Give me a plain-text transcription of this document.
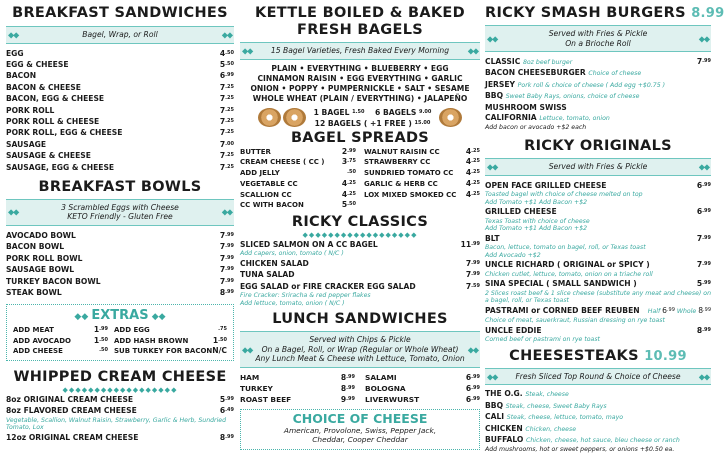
BREAKFAST SANDWICHES
◆◆	Bagel, Wrap, or Roll	◆◆
EGG	$4^{.50}$
EGG & CHEESE	$5^{.50}$
BACON	$6^{.99}$
BACON & CHEESE	$7^{.25}$
BACON, EGG & CHEESE	$7^{.25}$
PORK ROLL	$7^{.25}$
PORK ROLL & CHEESE	$7^{.25}$
PORK ROLL, EGG & CHEESE	$7^{.25}$
SAUSAGE	$7^{.00}$
SAUSAGE & CHEESE	$7^{.25}$
SAUSAGE, EGG & CHEESE	$7^{.25}$
BREAKFAST BOWLS
◆◆
3 Scrambled Eggs with Cheese
KETO Friendly - Gluten Free
◆◆
AVOCADO BOWL	$7^{.99}$
BACON BOWL	$7^{.99}$
PORK ROLL BOWL	$7^{.99}$
SAUSAGE BOWL	$7^{.99}$
TURKEY BACON BOWL	$7^{.99}$
STEAK BOWL	$8^{.99}$
◆◆ EXTRAS ◆◆
ADD MEAT	$1^{.99}$
ADD AVOCADO	$1^{.50}$
ADD CHEESE	$^{.50}$
ADD EGG	$^{.75}$
ADD HASH BROWN	$1^{.50}$
SUB TURKEY FOR BACON N/C
WHIPPED CREAM CHEESE
◆◆◆◆◆◆◆◆◆◆◆◆◆◆◆◆◆◆
8oz ORIGINAL CREAM CHEESE	$5^{.99}$
8oz FLAVORED CREAM CHEESE	$6^{.49}$
Vegetable, Scallion, Walnut Raisin, Strawberry, Garlic & Herb, Sundried Tomato, Lox
12oz ORIGINAL CREAM CHEESE	$8^{.99}$
KETTLE BOILED & BAKED
FRESH BAGELS
◆◆ 15 Bagel Varieties, Fresh Baked Every Morning ◆◆
PLAIN • EVERYTHING • BLUEBERRY • EGG
CINNAMON RAISIN • EGG EVERYTHING • GARLIC
ONION • POPPY • PUMPERNICKLE • SALT • SESAME
WHOLE WHEAT (PLAIN / EVERYTHING) • JALAPEÑO
1 BAGEL $^{1.50}$ 6 BAGELS $^{9.00}$
12 BAGELS ( +1 FREE ) $^{15.00}$
BAGEL SPREADS
BUTTER	$2^{.99}$
CREAM CHEESE ( CC ) $3^{.75}$
ADD JELLY	$^{.50}$
VEGETABLE CC	$4^{.25}$
SCALLION CC	$4^{.25}$
CC WITH BACON	$5^{.50}$
WALNUT RAISIN CC	$4^{.25}$
STRAWBERRY CC	$4^{.25}$
SUNDRIED TOMATO CC $4^{.25}$
GARLIC & HERB CC	$4^{.25}$
LOX MIXED SMOKED CC $4^{.25}$
RICKY CLASSICS
◆◆◆◆◆◆◆◆◆◆◆◆◆◆◆◆◆◆
SLICED SALMON ON A CC BAGEL	$11^{.99}$
Add capers, onion, tomato ( N/C )
CHICKEN SALAD	$7^{.99}$
TUNA SALAD	$7^{.99}$
EGG SALAD or FIRE CRACKER EGG SALAD	$7^{.59}$
Fire Cracker: Sriracha & red pepper flakes
Add lettuce, tomato, onion ( N/C )
LUNCH SANDWICHES
◆◆
Served with Chips & Pickle
On a Bagel, Roll, or Wrap (Regular or Whole Wheat)
Any Lunch Meat & Cheese with Lettuce, Tomato, Onion
◆◆
HAM	$8^{.99}$
TURKEY	$8^{.99}$
ROAST BEEF	$9^{.99}$
SALAMI	$6^{.99}$
BOLOGNA	$6^{.99}$
LIVERWURST	$6^{.99}$
CHOICE OF CHEESE
American, Provolone, Swiss, Pepper Jack,
Cheddar, Cooper Cheddar
RICKY SMASH BURGERS 8.99
◆◆
Served with Fries & Pickle
On a Brioche Roll
◆◆
CLASSIC 8oz beef burger	$7^{.99}$
BACON CHEESEBURGER Choice of cheese
JERSEY Pork roll & choice of cheese ( Add egg +$0.75 )
BBQ Sweet Baby Rays, onions, choice of cheese
MUSHROOM SWISS
CALIFORNIA Lettuce, tomato, onion
Add bacon or avocado +$2 each
RICKY ORIGINALS
◆◆	Served with Fries & Pickle	◆◆
OPEN FACE GRILLED CHEESE	$6^{.99}$
Toasted bagel with choice of cheese melted on top
Add Tomato +$1 Add Bacon +$2
GRILLED CHEESE	$6^{.99}$
Texas Toast with choice of cheese
Add Tomato +$1 Add Bacon +$2
BLT	$7^{.99}$
Bacon, lettuce, tomato on bagel, roll, or Texas toast
Add Avocado +$2
UNCLE RICHARD ( ORIGINAL or SPICY )	$7^{.99}$
Chicken cutlet, lettuce, tomato, onion on a triache roll
SINA SPECIAL ( SMALL SANDWICH )	$5^{.99}$
2 Slices roast beef & 1 slice cheese (substitute any meat and cheese) on a bagel, roll, or Texas toast
PASTRAMI or CORNED BEEF REUBEN Half $6^{.99}$ Whole $8^{.99}$
Choice of meat, sauerkraut, Russian dressing on rye toast
UNCLE EDDIE	$8^{.99}$
Corned beef or pastrami on rye toast
CHEESESTEAKS 10.99
◆◆ Fresh Sliced Top Round & Choice of Cheese ◆◆
THE O.G. Steak, cheese
BBQ Steak, cheese, Sweet Baby Rays
CALI Steak, cheese, lettuce, tomato, mayo
CHICKEN Chicken, cheese
BUFFALO Chicken, cheese, hot sauce, bleu cheese or ranch
Add mushrooms, hot or sweet peppers, or onions +$0.50 ea.
